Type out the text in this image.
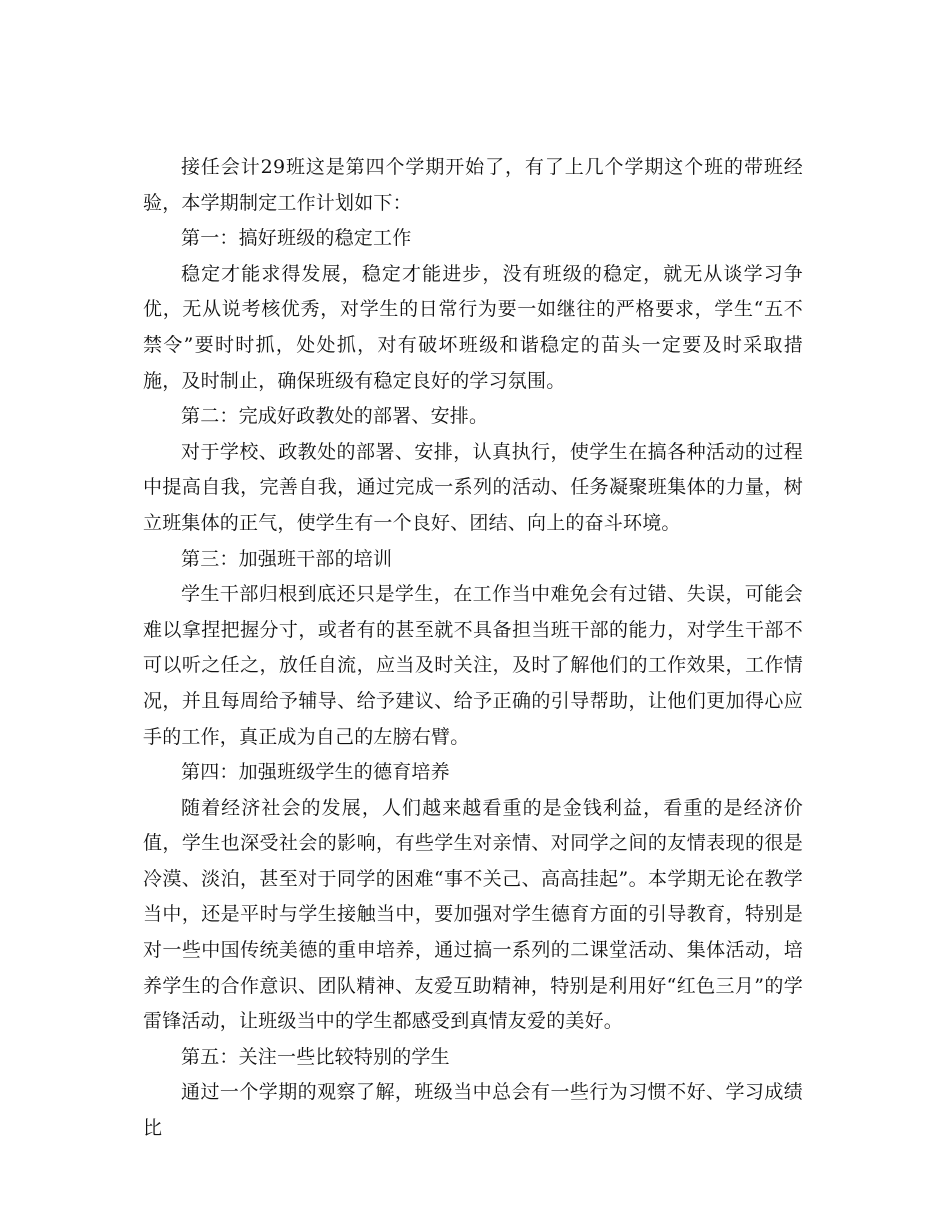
接任会计29班这是第四个学期开始了，有了上几个学期这个班的带班经验，本学期制定工作计划如下：

第一：搞好班级的稳定工作

稳定才能求得发展，稳定才能进步，没有班级的稳定，就无从谈学习争优，无从说考核优秀，对学生的日常行为要一如继往的严格要求，学生“五不禁令”要时时抓，处处抓，对有破坏班级和谐稳定的苗头一定要及时采取措施，及时制止，确保班级有稳定良好的学习氛围。

第二：完成好政教处的部署、安排。

对于学校、政教处的部署、安排，认真执行，使学生在搞各种活动的过程中提高自我，完善自我，通过完成一系列的活动、任务凝聚班集体的力量，树立班集体的正气，使学生有一个良好、团结、向上的奋斗环境。

第三：加强班干部的培训

学生干部归根到底还只是学生，在工作当中难免会有过错、失误，可能会难以拿捏把握分寸，或者有的甚至就不具备担当班干部的能力，对学生干部不可以听之任之，放任自流，应当及时关注，及时了解他们的工作效果，工作情况，并且每周给予辅导、给予建议、给予正确的引导帮助，让他们更加得心应手的工作，真正成为自己的左膀右臂。

第四：加强班级学生的德育培养

随着经济社会的发展，人们越来越看重的是金钱利益，看重的是经济价值，学生也深受社会的影响，有些学生对亲情、对同学之间的友情表现的很是冷漠、淡泊，甚至对于同学的困难“事不关己、高高挂起”。本学期无论在教学当中，还是平时与学生接触当中，要加强对学生德育方面的引导教育，特别是对一些中国传统美德的重申培养，通过搞一系列的二课堂活动、集体活动，培养学生的合作意识、团队精神、友爱互助精神，特别是利用好“红色三月”的学雷锋活动，让班级当中的学生都感受到真情友爱的美好。

第五：关注一些比较特别的学生

通过一个学期的观察了解，班级当中总会有一些行为习惯不好、学习成绩比
